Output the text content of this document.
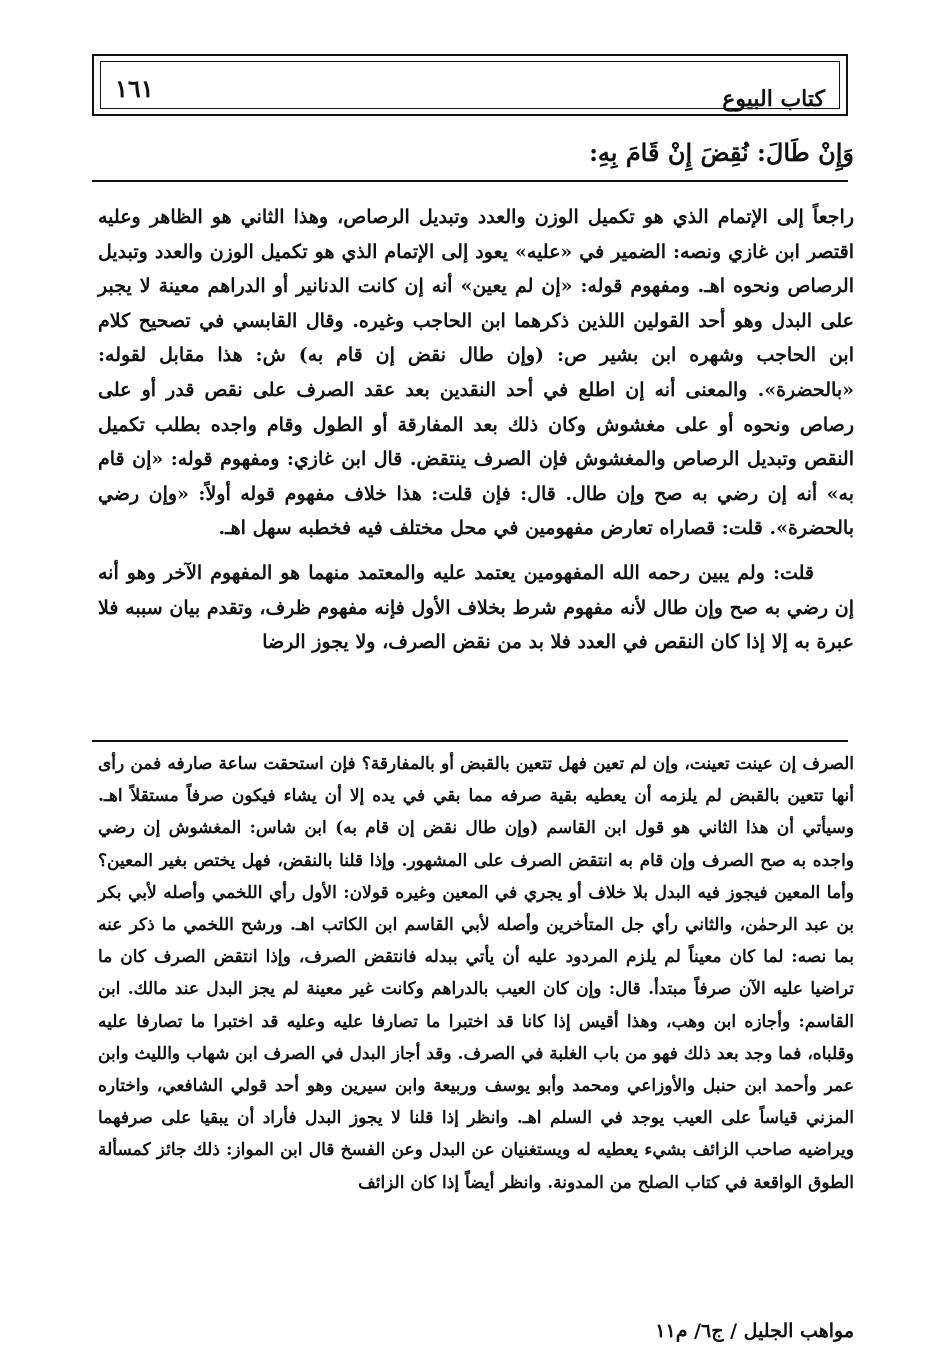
١٦١	كتاب البيوع
وَإِنْ طَالَ: نُقِضَ إِنْ قَامَ بِهِ:

راجعاً إلى الإتمام الذي هو تكميل الوزن والعدد وتبديل الرصاص، وهذا الثاني هو الظاهر وعليه اقتصر ابن غازي ونصه: الضمير في «عليه» يعود إلى الإتمام الذي هو تكميل الوزن والعدد وتبديل الرصاص ونحوه اهـ. ومفهوم قوله: «إن لم يعين» أنه إن كانت الدنانير أو الدراهم معينة لا يجبر على البدل وهو أحد القولين اللذين ذكرهما ابن الحاجب وغيره. وقال القابسي في تصحيح كلام ابن الحاجب وشهره ابن بشير ص: (وإن طال نقض إن قام به) ش: هذا مقابل لقوله: «بالحضرة». والمعنى أنه إن اطلع في أحد النقدين بعد عقد الصرف على نقص قدر أو على رصاص ونحوه أو على مغشوش وكان ذلك بعد المفارقة أو الطول وقام واجده بطلب تكميل النقص وتبديل الرصاص والمغشوش فإن الصرف ينتقض. قال ابن غازي: ومفهوم قوله: «إن قام به» أنه إن رضي به صح وإن طال. قال: فإن قلت: هذا خلاف مفهوم قوله أولاً: «وإن رضي بالحضرة». قلت: قصاراه تعارض مفهومين في محل مختلف فيه فخطبه سهل اهـ.

قلت: ولم يبين رحمه الله المفهومين يعتمد عليه والمعتمد منهما هو المفهوم الآخر وهو أنه إن رضي به صح وإن طال لأنه مفهوم شرط بخلاف الأول فإنه مفهوم ظرف، وتقدم بيان سببه فلا عبرة به إلا إذا كان النقص في العدد فلا بد من نقض الصرف، ولا يجوز الرضا

الصرف إن عينت تعينت، وإن لم تعين فهل تتعين بالقبض أو بالمفارقة؟ فإن استحقت ساعة صارفه فمن رأى أنها تتعين بالقبض لم يلزمه أن يعطيه بقية صرفه مما بقي في يده إلا أن يشاء فيكون صرفاً مستقلاً اهـ. وسيأتي أن هذا الثاني هو قول ابن القاسم (وإن طال نقض إن قام به) ابن شاس: المغشوش إن رضي واجده به صح الصرف وإن قام به انتقض الصرف على المشهور. وإذا قلنا بالنقض، فهل يختص بغير المعين؟ وأما المعين فيجوز فيه البدل بلا خلاف أو يجري في المعين وغيره قولان: الأول رأي اللخمي وأصله لأبي بكر بن عبد الرحمٰن، والثاني رأي جل المتأخرين وأصله لأبي القاسم ابن الكاتب اهـ. ورشح اللخمي ما ذكر عنه بما نصه: لما كان معيناً لم يلزم المردود عليه أن يأتي ببدله فانتقض الصرف، وإذا انتقض الصرف كان ما تراضيا عليه الآن صرفاً مبتدأ. قال: وإن كان العيب بالدراهم وكانت غير معينة لم يجز البدل عند مالك. ابن القاسم: وأجازه ابن وهب، وهذا أقيس إذا كانا قد اختبرا ما تصارفا عليه وعليه قد اختبرا ما تصارفا عليه وقلباه، فما وجد بعد ذلك فهو من باب الغلبة في الصرف. وقد أجاز البدل في الصرف ابن شهاب والليث وابن عمر وأحمد ابن حنبل والأوزاعي ومحمد وأبو يوسف وربيعة وابن سيرين وهو أحد قولي الشافعي، واختاره المزني قياساً على العيب يوجد في السلم اهـ. وانظر إذا قلنا لا يجوز البدل فأراد أن يبقيا على صرفهما ويراضيه صاحب الزائف بشيء يعطيه له ويستغنيان عن البدل وعن الفسخ قال ابن المواز: ذلك جائز كمسألة الطوق الواقعة في كتاب الصلح من المدونة. وانظر أيضاً إذا كان الزائف
مواهب الجليل / ج٦/ م١١
